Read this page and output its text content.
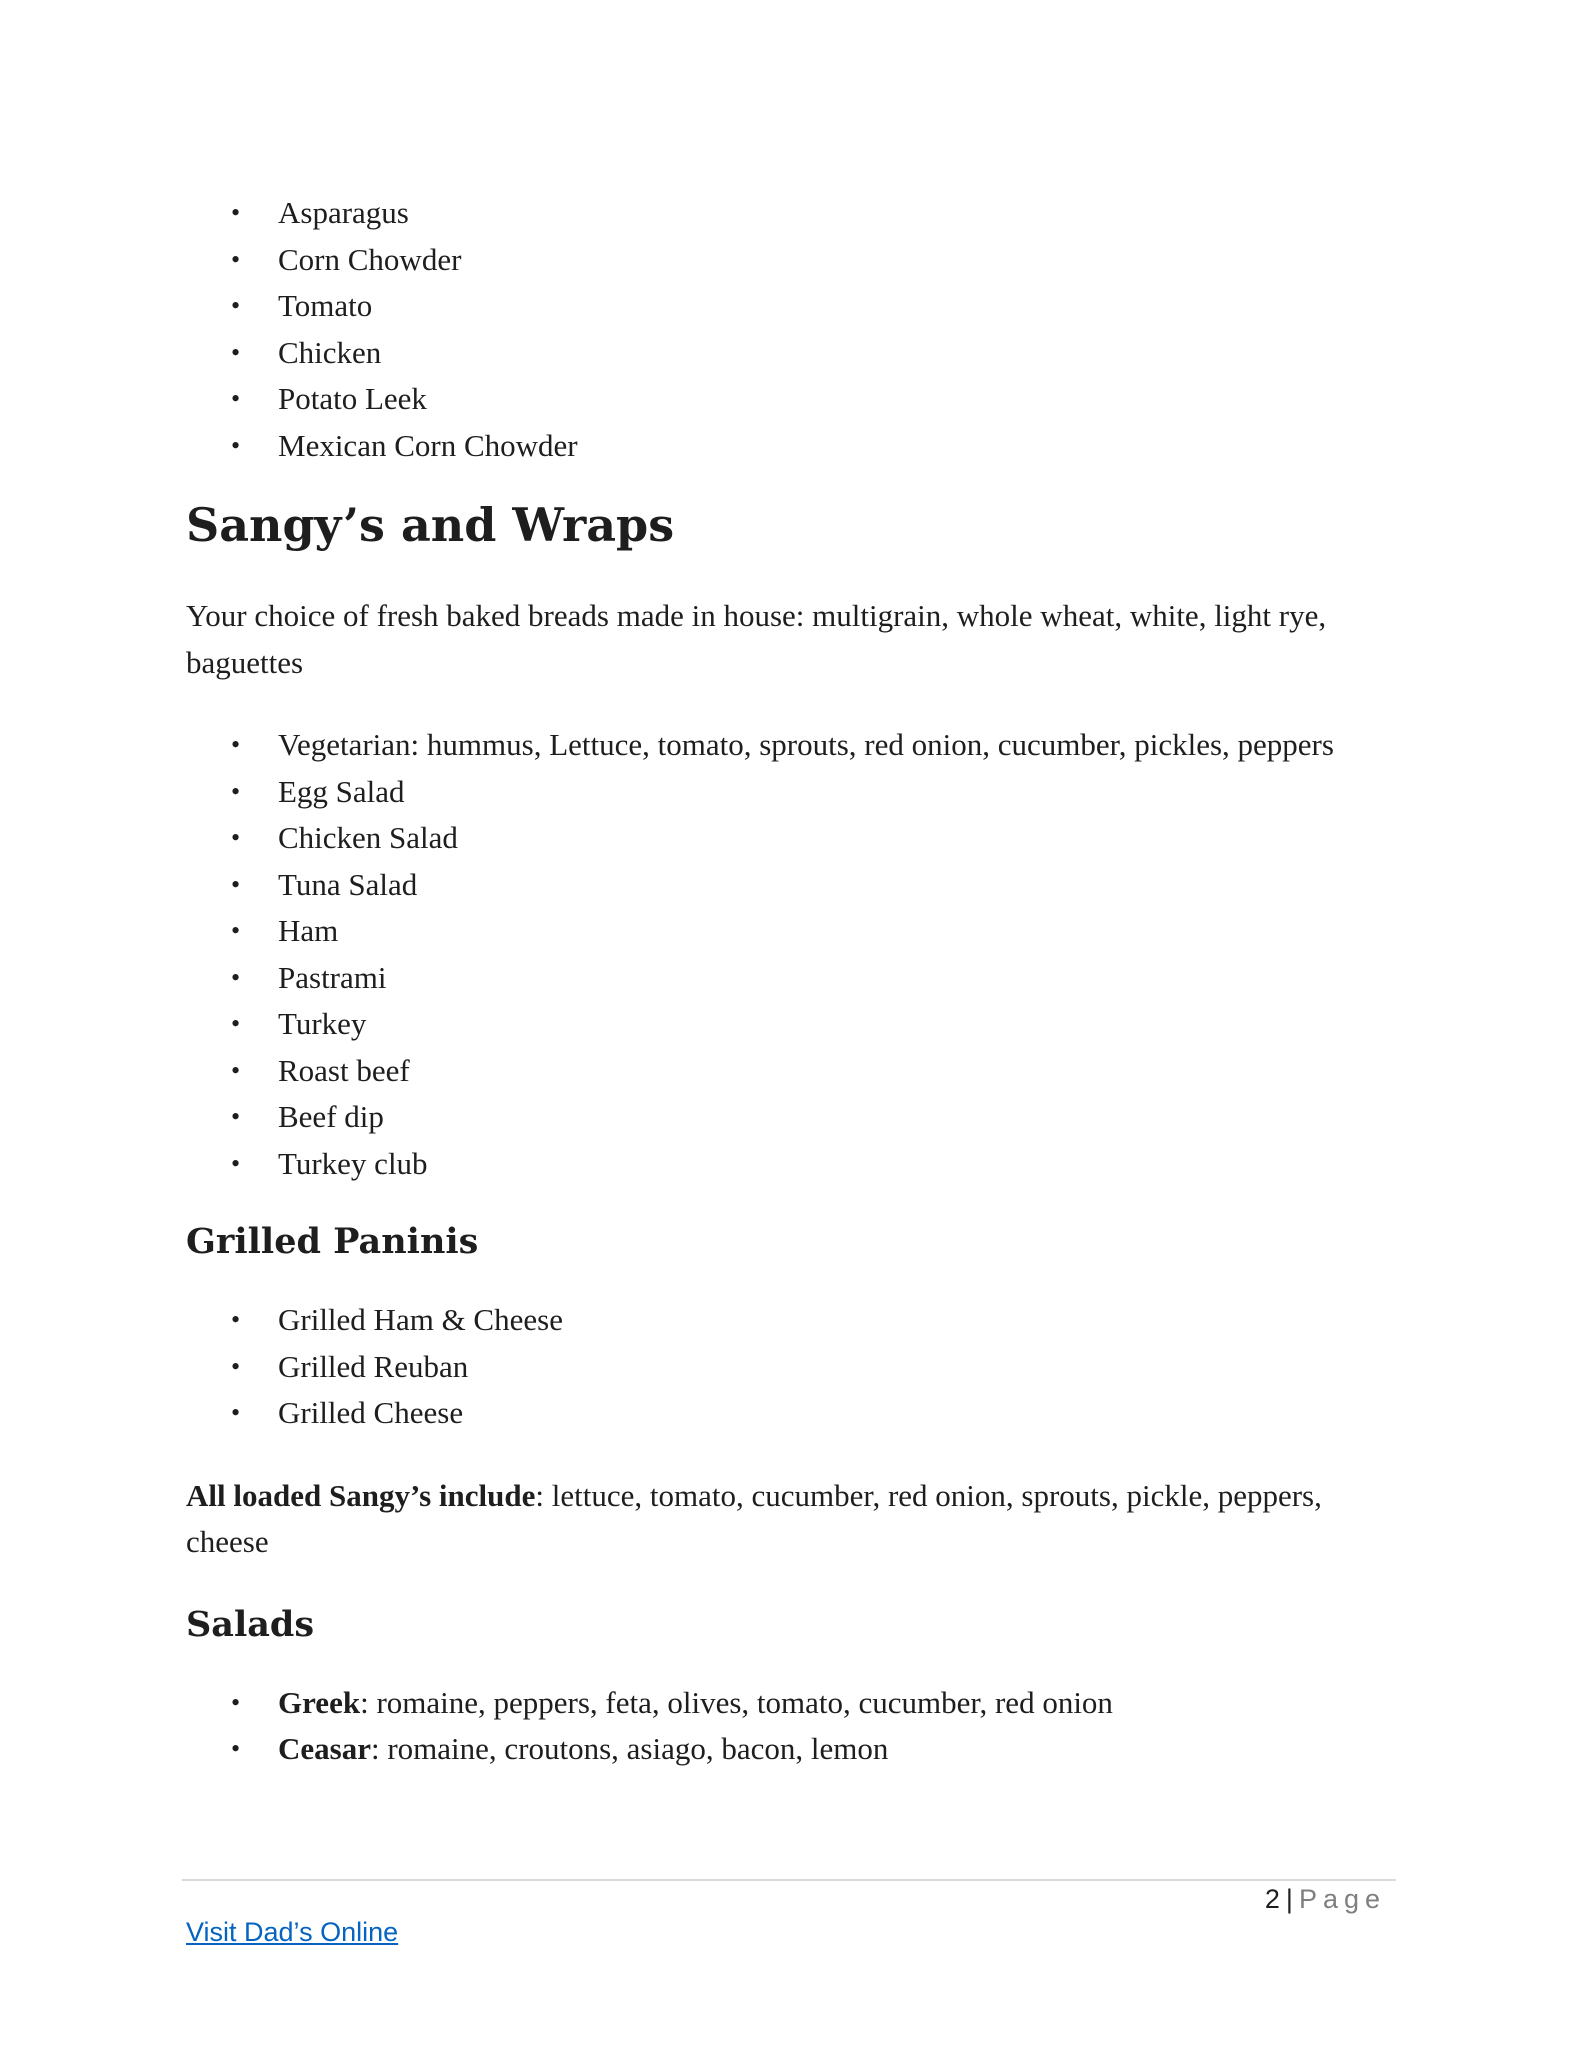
• Asparagus
• Corn Chowder
• Tomato
• Chicken
• Potato Leek
• Mexican Corn Chowder
Sangy’s and Wraps

Your choice of fresh baked breads made in house: multigrain, whole wheat, white, light rye, baguettes

• Vegetarian: hummus, Lettuce, tomato, sprouts, red onion, cucumber, pickles, peppers
• Egg Salad
• Chicken Salad
• Tuna Salad
• Ham
• Pastrami
• Turkey
• Roast beef
• Beef dip
• Turkey club
Grilled Paninis
• Grilled Ham & Cheese
• Grilled Reuban
• Grilled Cheese

All loaded Sangy’s include: lettuce, tomato, cucumber, red onion, sprouts, pickle, peppers, cheese

Salads
• Greek: romaine, peppers, feta, olives, tomato, cucumber, red onion
• Ceasar: romaine, croutons, asiago, bacon, lemon
2 | Page
Visit Dad’s Online
